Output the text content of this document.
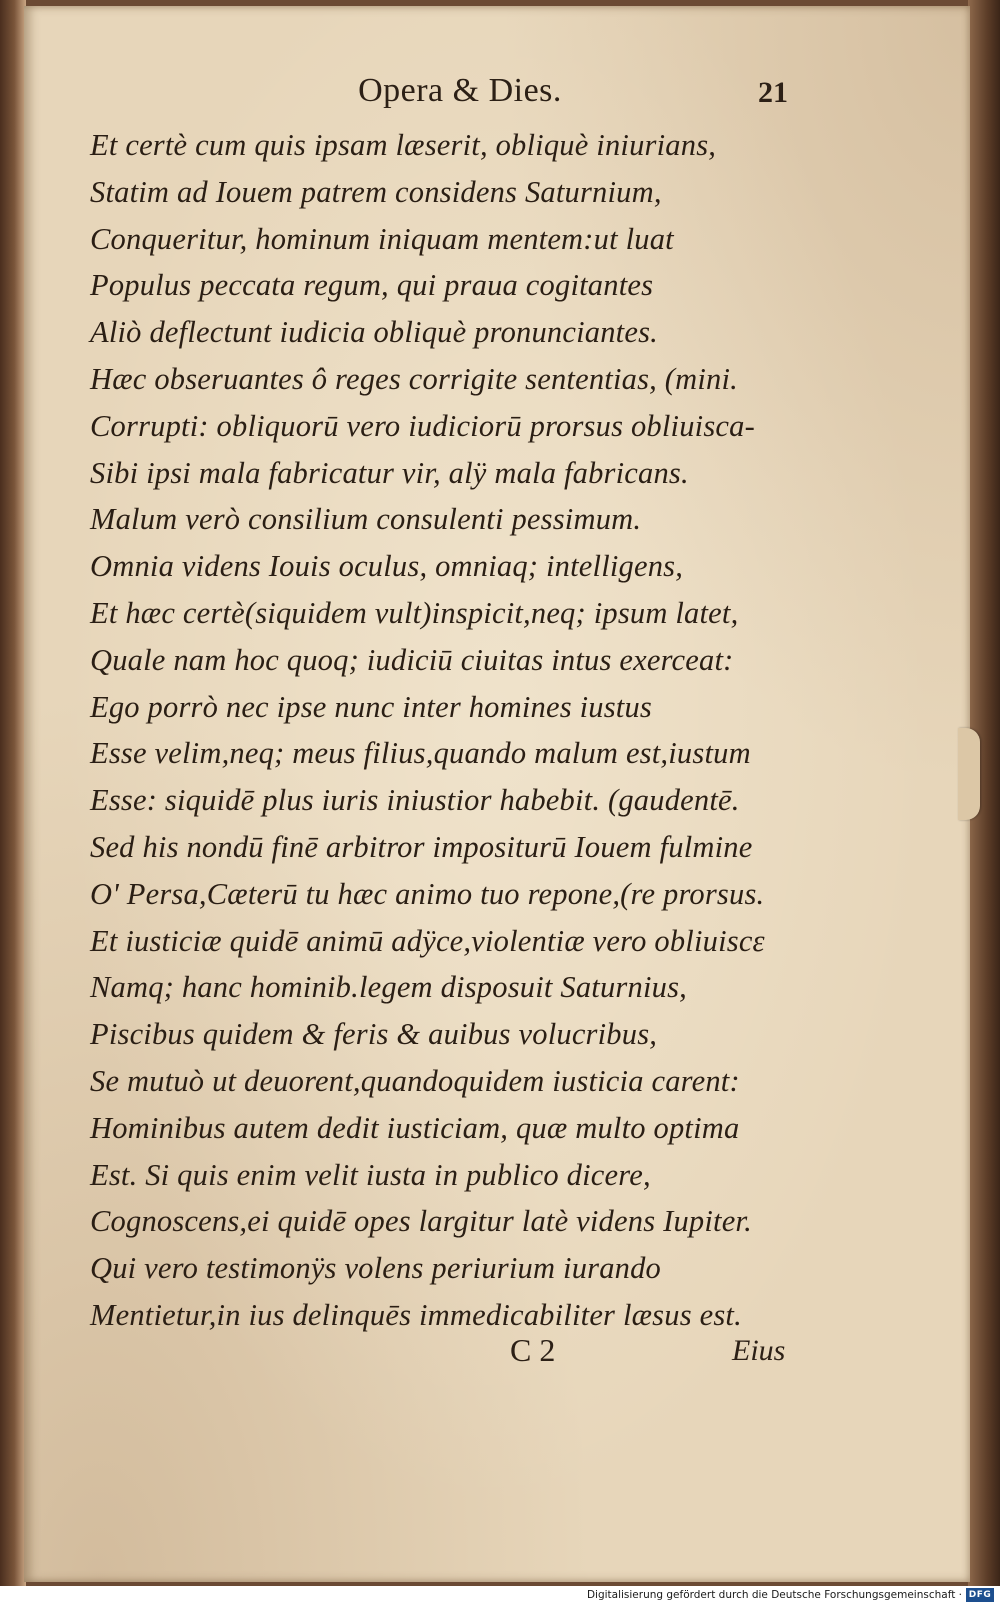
Opera & Dies.	21
Et certè cum quis ipsam læserit, obliquè iniurians,
Statim ad Iouem patrem considens Saturnium,
Conqueritur, hominum iniquam mentem:ut luat
Populus peccata regum, qui praua cogitantes
Aliò deflectunt iudicia obliquè pronunciantes.
Hæc obseruantes ô reges corrigite sententias, (mini.
Corrupti: obliquorū vero iudiciorū prorsus obliuisca-
Sibi ipsi mala fabricatur vir, alÿ mala fabricans.
Malum verò consilium consulenti pessimum.
Omnia videns Iouis oculus, omniaq; intelligens,
Et hæc certè(siquidem vult)inspicit,neq; ipsum latet,
Quale nam hoc quoq; iudiciū ciuitas intus exerceat:
Ego porrò nec ipse nunc inter homines iustus
Esse velim,neq; meus filius,quando malum est,iustum
Esse: siquidē plus iuris iniustior habebit. (gaudentē.
Sed his nondū finē arbitror impositurū Iouem fulmine
O' Persa,Cæterū tu hæc animo tuo repone,(re prorsus.
Et iusticiæ quidē animū adÿce,violentiæ vero obliuiscε
Namq; hanc hominib.legem disposuit Saturnius,
Piscibus quidem & feris & auibus volucribus,
Se mutuò ut deuorent,quandoquidem iusticia carent:
Hominibus autem dedit iusticiam, quæ multo optima
Est. Si quis enim velit iusta in publico dicere,
Cognoscens,ei quidē opes largitur latè videns Iupiter.
Qui vero testimonÿs volens periurium iurando
Mentietur,in ius delinquēs immedicabiliter læsus est.
C 2	Eius
Digitalisierung gefördert durch die Deutsche Forschungsgemeinschaft · DFG
